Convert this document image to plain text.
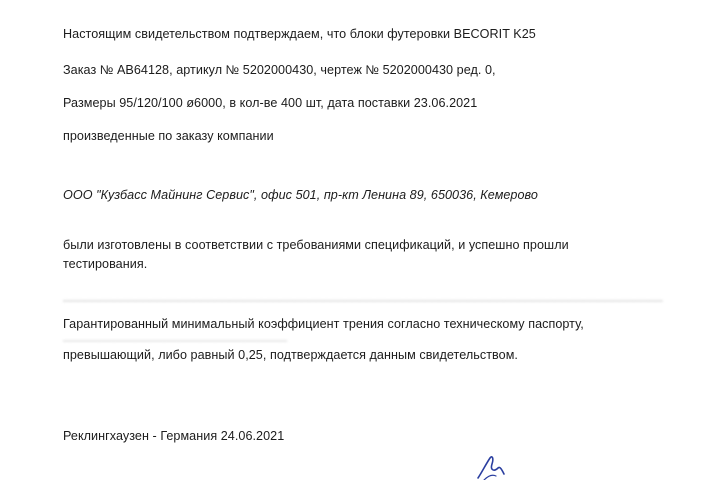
Настоящим свидетельством подтверждаем, что блоки футеровки BECORIT K25
Заказ № AB64128, артикул № 5202000430, чертеж № 5202000430 ред. 0,
Размеры 95/120/100 ø6000, в кол-ве 400 шт, дата поставки 23.06.2021
произведенные по заказу компании
ООО "Кузбасс Майнинг Сервис", офис 501, пр-кт Ленина 89, 650036, Кемерово
были изготовлены в соответствии с требованиями спецификаций, и успешно прошли
тестирования.
━━━━━━━━━━━━━━━━━━━━━━━━━━━━━━━━━━━━━━━━━━━━━━━━━━━━━━━━━━━━━━━━━━━━━━━━━━━━━━━━━━━
Гарантированный минимальный коэффициент трения согласно техническому паспорту,
━━━━━━━━━━━━━━━━━━━━━━━━━━━━━━━
превышающий, либо равный 0,25, подтверждается данным свидетельством.
Реклингхаузен - Германия 24.06.2021
